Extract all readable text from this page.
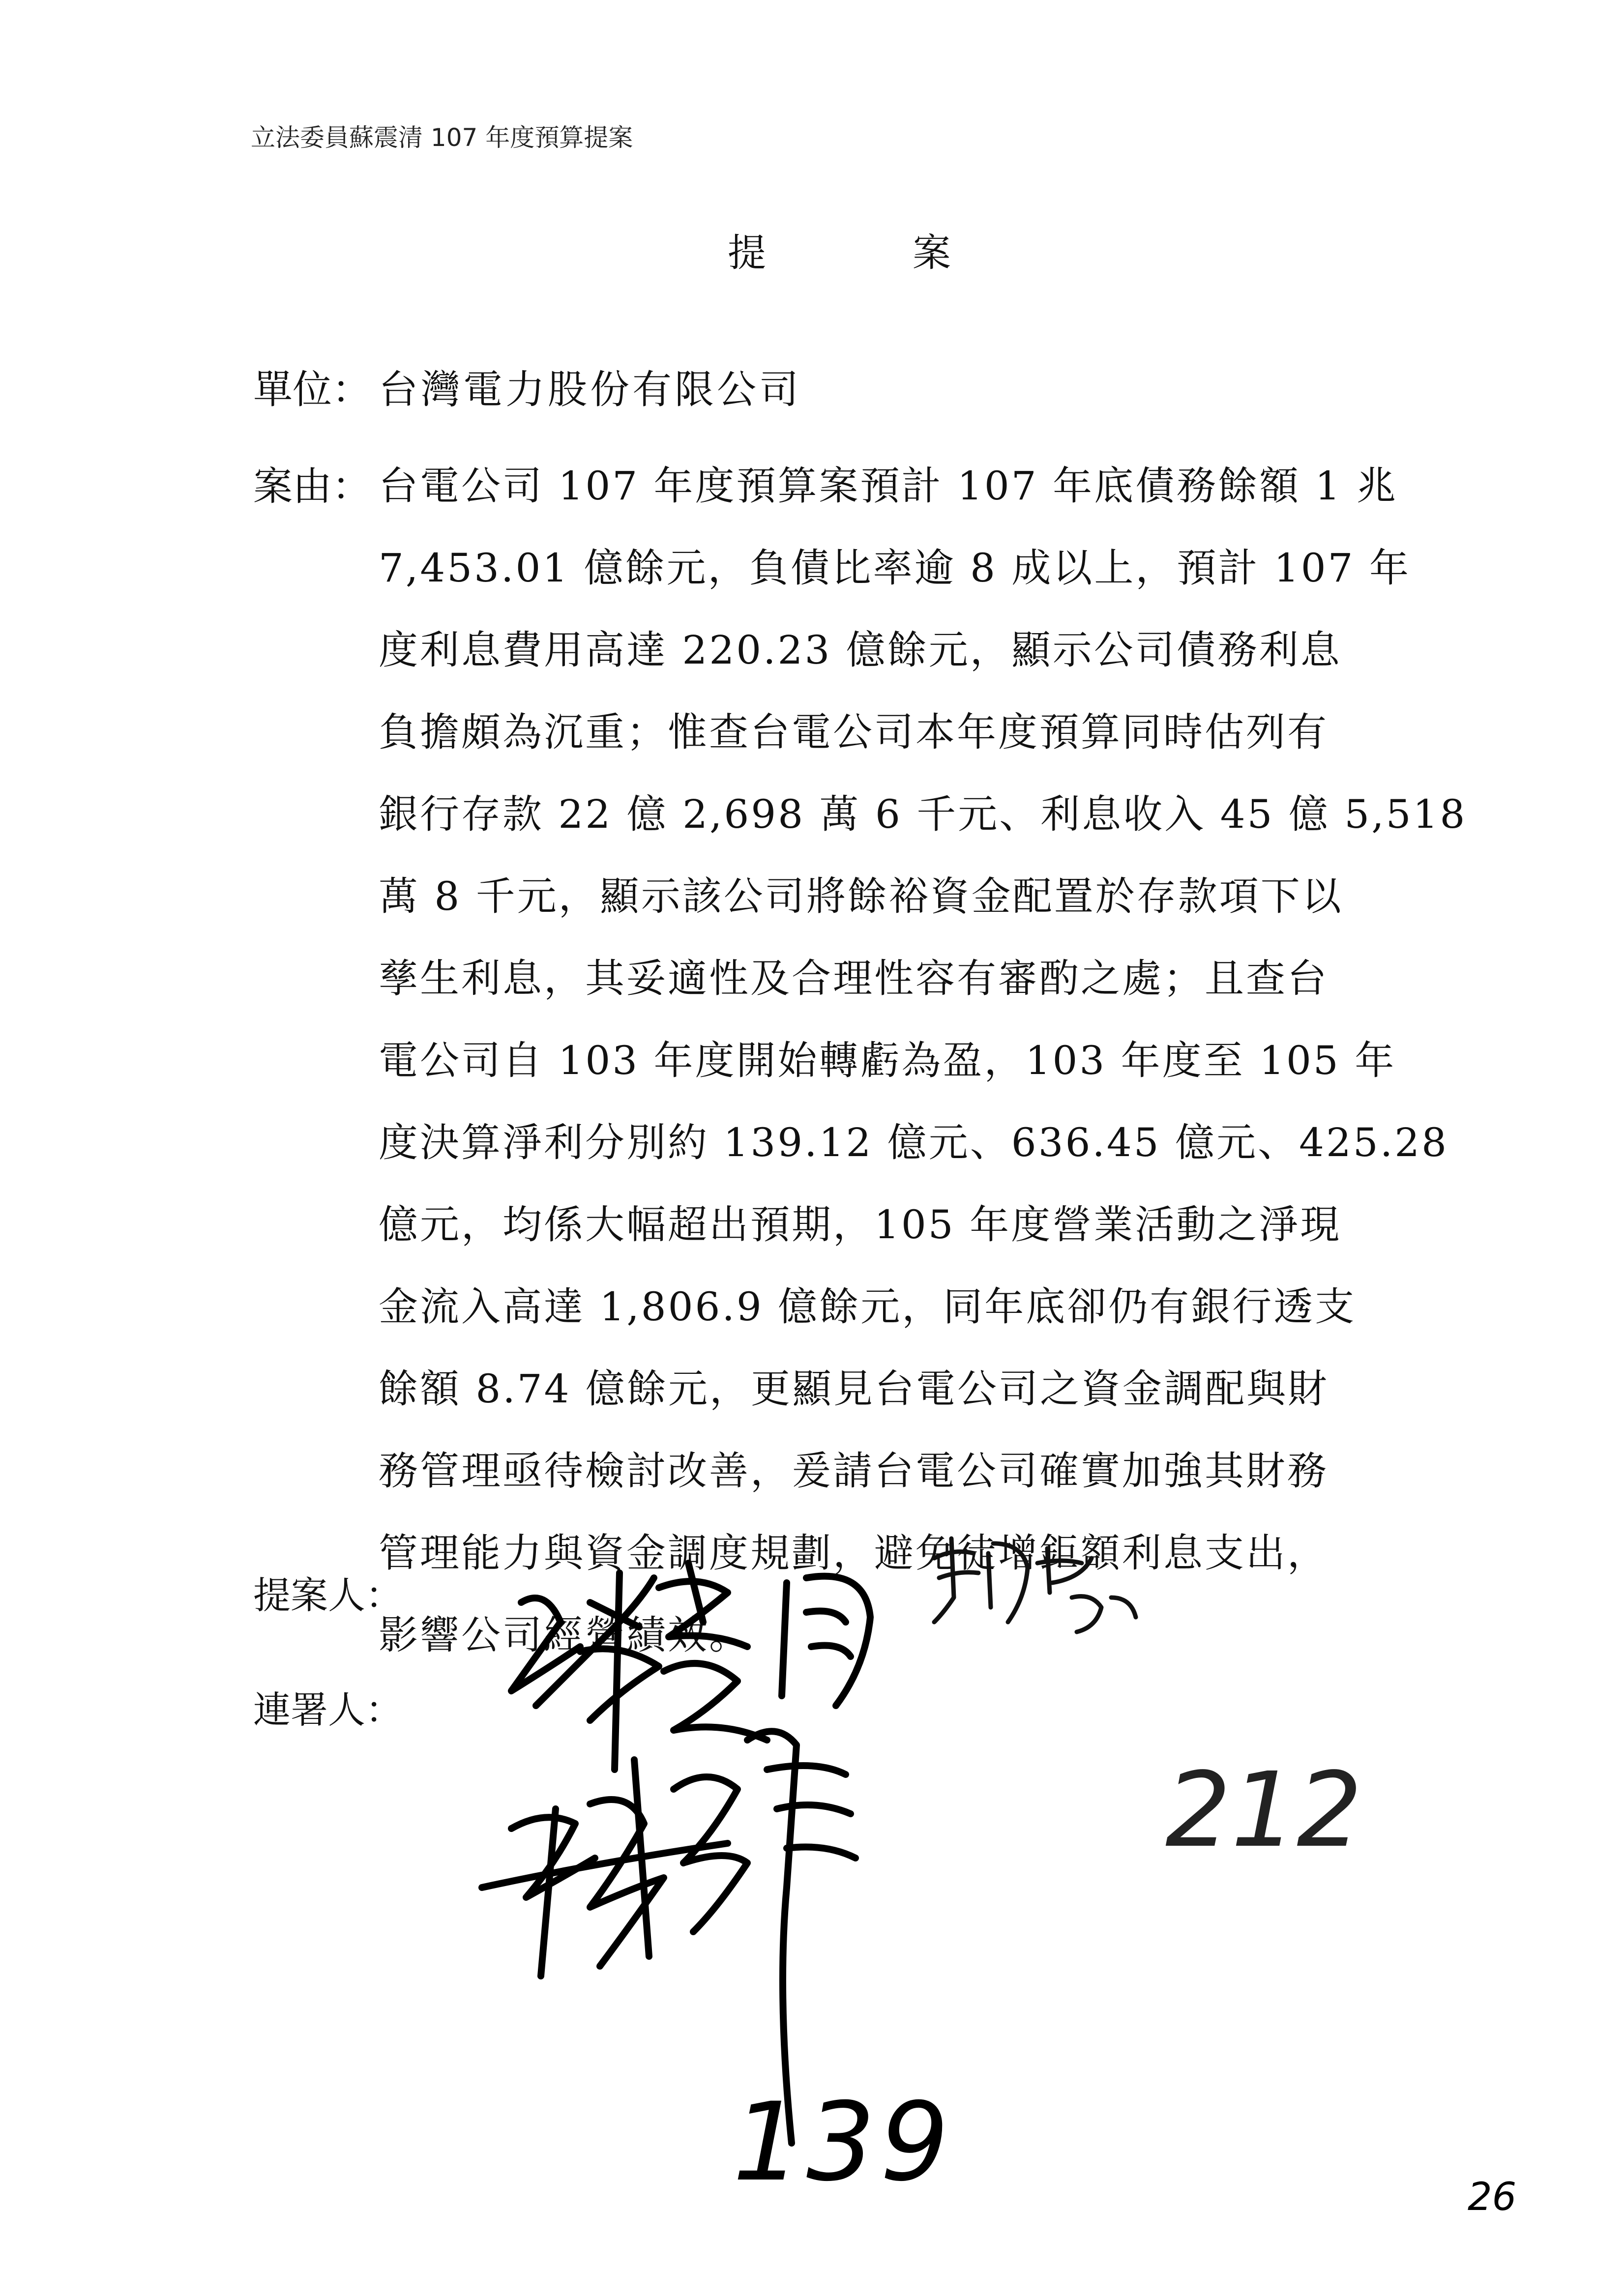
立法委員蘇震清 107 年度預算提案
提　案
單位： 台灣電力股份有限公司
案由： 台電公司 107 年度預算案預計 107 年底債務餘額 1 兆
7,453.01 億餘元，負債比率逾 8 成以上，預計 107 年
度利息費用高達 220.23 億餘元，顯示公司債務利息
負擔頗為沉重；惟查台電公司本年度預算同時估列有
銀行存款 22 億 2,698 萬 6 千元、利息收入 45 億 5,518
萬 8 千元，顯示該公司將餘裕資金配置於存款項下以
孳生利息，其妥適性及合理性容有審酌之處；且查台
電公司自 103 年度開始轉虧為盈，103 年度至 105 年
度決算淨利分別約 139.12 億元、636.45 億元、425.28
億元，均係大幅超出預期，105 年度營業活動之淨現
金流入高達 1,806.9 億餘元，同年底卻仍有銀行透支
餘額 8.74 億餘元，更顯見台電公司之資金調配與財
務管理亟待檢討改善，爰請台電公司確實加強其財務
管理能力與資金調度規劃，避免徒增鉅額利息支出，
影響公司經營績效。
提案人：
連署人：
212
139	26
